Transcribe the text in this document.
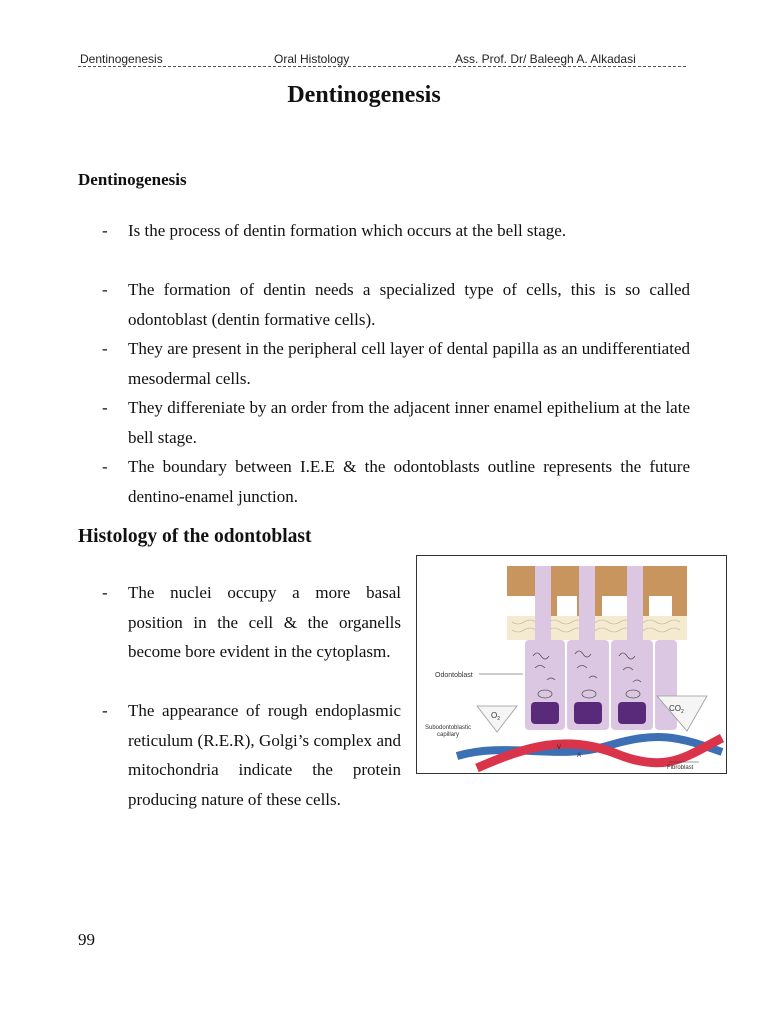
Dentinogenesis	Oral Histology	Ass. Prof. Dr/ Baleegh A. Alkadasi
Dentinogenesis
Dentinogenesis
- Is the process of dentin formation which occurs at the bell stage.
- The formation of dentin needs a specialized type of cells, this is so called odontoblast (dentin formative cells).
- They are present in the peripheral cell layer of dental papilla as an undifferentiated mesodermal cells.
- They differeniate by an order from the adjacent inner enamel epithelium at the late bell stage.
- The boundary between I.E.E & the odontoblasts outline represents the future dentino-enamel junction.
Histology of the odontoblast
- The nuclei occupy a more basal position in the cell & the organells become bore evident in the cytoplasm.
- The appearance of rough endoplasmic reticulum (R.E.R), Golgi’s complex and mitochondria indicate the protein
producing nature of these cells.
Odontoblast
$O_2$
$CO_2$
Subodontoblastic
capillary
Fibroblast
V
A
99
